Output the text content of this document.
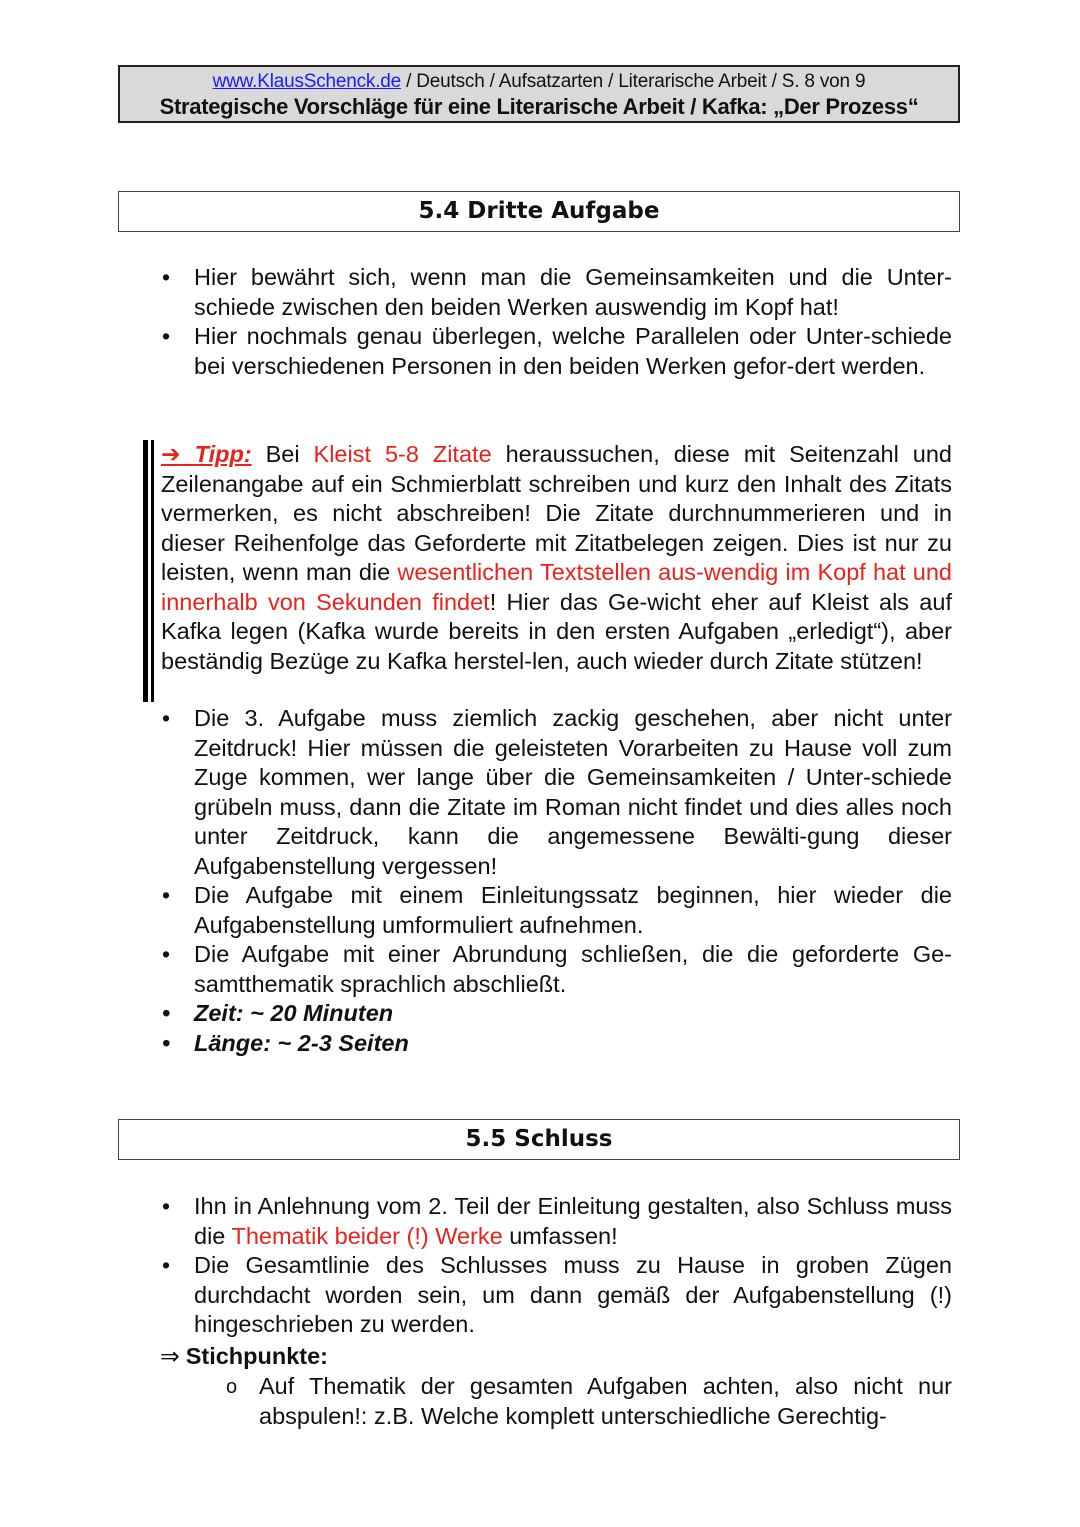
www.KlausSchenck.de / Deutsch / Aufsatzarten / Literarische Arbeit / S. 8 von 9
Strategische Vorschläge für eine Literarische Arbeit / Kafka: „Der Prozess“
5.4 Dritte Aufgabe
• Hier bewährt sich, wenn man die Gemeinsamkeiten und die Unter-schiede zwischen den beiden Werken auswendig im Kopf hat!
• Hier nochmals genau überlegen, welche Parallelen oder Unter-schiede bei verschiedenen Personen in den beiden Werken gefor-dert werden.
➔ Tipp: Bei Kleist 5-8 Zitate heraussuchen, diese mit Seitenzahl und Zeilenangabe auf ein Schmierblatt schreiben und kurz den Inhalt des Zitats vermerken, es nicht abschreiben! Die Zitate durchnummerieren und in dieser Reihenfolge das Geforderte mit Zitatbelegen zeigen. Dies ist nur zu leisten, wenn man die wesentlichen Textstellen aus-wendig im Kopf hat und innerhalb von Sekunden findet! Hier das Ge-wicht eher auf Kleist als auf Kafka legen (Kafka wurde bereits in den ersten Aufgaben „erledigt“), aber beständig Bezüge zu Kafka herstel-len, auch wieder durch Zitate stützen!
• Die 3. Aufgabe muss ziemlich zackig geschehen, aber nicht unter Zeitdruck! Hier müssen die geleisteten Vorarbeiten zu Hause voll zum Zuge kommen, wer lange über die Gemeinsamkeiten / Unter-schiede grübeln muss, dann die Zitate im Roman nicht findet und dies alles noch unter Zeitdruck, kann die angemessene Bewälti-gung dieser Aufgabenstellung vergessen!
• Die Aufgabe mit einem Einleitungssatz beginnen, hier wieder die Aufgabenstellung umformuliert aufnehmen.
• Die Aufgabe mit einer Abrundung schließen, die die geforderte Ge-samtthematik sprachlich abschließt.
• Zeit: ~ 20 Minuten
• Länge: ~ 2-3 Seiten
5.5 Schluss
• Ihn in Anlehnung vom 2. Teil der Einleitung gestalten, also Schluss muss die Thematik beider (!) Werke umfassen!
• Die Gesamtlinie des Schlusses muss zu Hause in groben Zügen durchdacht worden sein, um dann gemäß der Aufgabenstellung (!) hingeschrieben zu werden.
⇒ Stichpunkte:
o Auf Thematik der gesamten Aufgaben achten, also nicht nur abspulen!: z.B. Welche komplett unterschiedliche Gerechtig-
